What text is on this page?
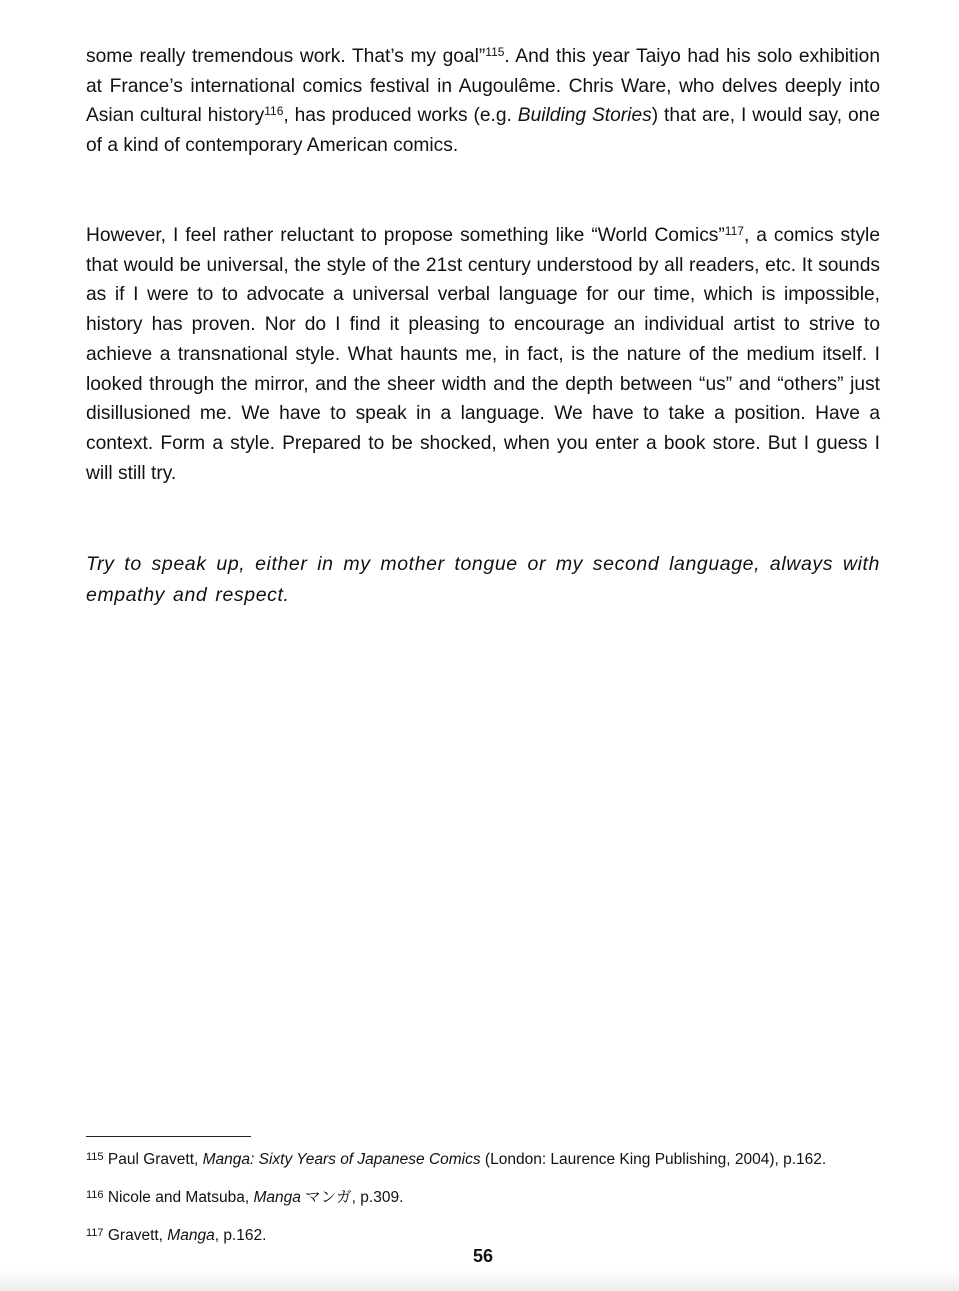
some really tremendous work. That’s my goal”$^{115}$. And this year Taiyo had his solo exhibition at France’s international comics festival in Augoulême. Chris Ware, who delves deeply into Asian cultural history$^{116}$, has produced works (e.g. Building Stories) that are, I would say, one of a kind of contemporary American comics.

However, I feel rather reluctant to propose something like “World Comics”$^{117}$, a comics style that would be universal, the style of the 21st century understood by all readers, etc. It sounds as if I were to to advocate a universal verbal language for our time, which is impossible, history has proven. Nor do I find it pleasing to encourage an individual artist to strive to achieve a transnational style. What haunts me, in fact, is the nature of the medium itself. I looked through the mirror, and the sheer width and the depth between “us” and “others” just disillusioned me. We have to speak in a language. We have to take a position. Have a context. Form a style. Prepared to be shocked, when you enter a book store. But I guess I will still try.

Try to speak up, either in my mother tongue or my second language, always with empathy and respect.

$^{115}$ Paul Gravett, Manga: Sixty Years of Japanese Comics (London: Laurence King Publishing, 2004), p.162.

$^{116}$ Nicole and Matsuba, Manga マンガ, p.309.

$^{117}$ Gravett, Manga, p.162.

56
